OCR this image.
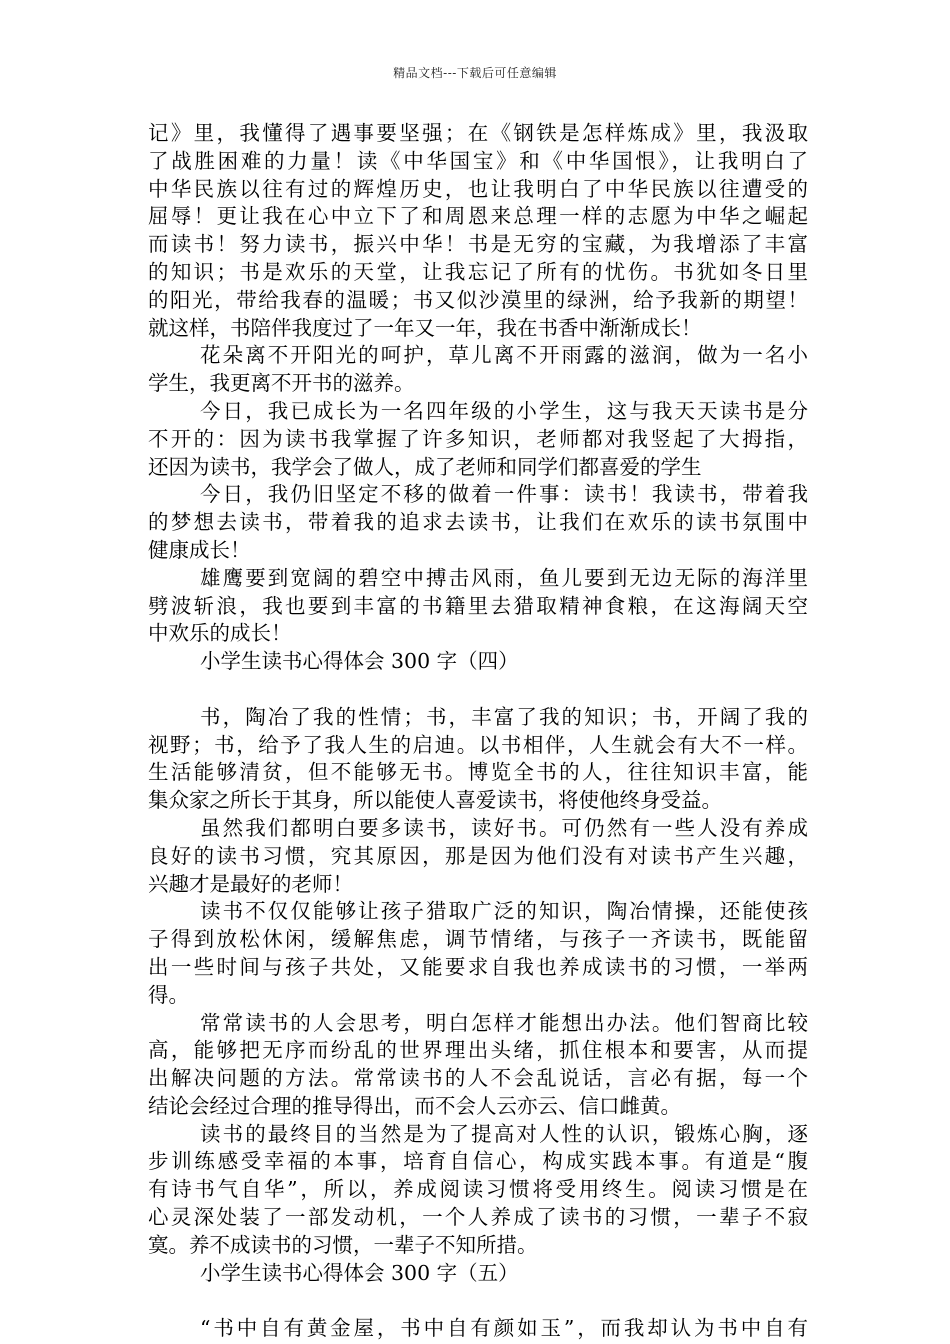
精品文档---下载后可任意编辑
记》里，我懂得了遇事要坚强；在《钢铁是怎样炼成》里，我汲取
了战胜困难的力量！读《中华国宝》和《中华国恨》，让我明白了
中华民族以往有过的辉煌历史，也让我明白了中华民族以往遭受的
屈辱！更让我在心中立下了和周恩来总理一样的志愿为中华之崛起
而读书！努力读书，振兴中华！书是无穷的宝藏，为我增添了丰富
的知识；书是欢乐的天堂，让我忘记了所有的忧伤。书犹如冬日里
的阳光，带给我春的温暖；书又似沙漠里的绿洲，给予我新的期望！
就这样，书陪伴我度过了一年又一年，我在书香中渐渐成长！
花朵离不开阳光的呵护，草儿离不开雨露的滋润，做为一名小
学生，我更离不开书的滋养。
今日，我已成长为一名四年级的小学生，这与我天天读书是分
不开的：因为读书我掌握了许多知识，老师都对我竖起了大拇指，
还因为读书，我学会了做人，成了老师和同学们都喜爱的学生
今日，我仍旧坚定不移的做着一件事：读书！我读书，带着我
的梦想去读书，带着我的追求去读书，让我们在欢乐的读书氛围中
健康成长！
雄鹰要到宽阔的碧空中搏击风雨，鱼儿要到无边无际的海洋里
劈波斩浪，我也要到丰富的书籍里去猎取精神食粮，在这海阔天空
中欢乐的成长！
小学生读书心得体会 300 字（四）
书，陶冶了我的性情；书，丰富了我的知识；书，开阔了我的
视野；书，给予了我人生的启迪。以书相伴，人生就会有大不一样。
生活能够清贫，但不能够无书。博览全书的人，往往知识丰富，能
集众家之所长于其身，所以能使人喜爱读书，将使他终身受益。
虽然我们都明白要多读书，读好书。可仍然有一些人没有养成
良好的读书习惯，究其原因，那是因为他们没有对读书产生兴趣，
兴趣才是最好的老师！
读书不仅仅能够让孩子猎取广泛的知识，陶冶情操，还能使孩
子得到放松休闲，缓解焦虑，调节情绪，与孩子一齐读书，既能留
出一些时间与孩子共处，又能要求自我也养成读书的习惯，一举两
得。
常常读书的人会思考，明白怎样才能想出办法。他们智商比较
高，能够把无序而纷乱的世界理出头绪，抓住根本和要害，从而提
出解决问题的方法。常常读书的人不会乱说话，言必有据，每一个
结论会经过合理的推导得出，而不会人云亦云、信口雌黄。
读书的最终目的当然是为了提高对人性的认识，锻炼心胸，逐
步训练感受幸福的本事，培育自信心，构成实践本事。有道是“腹
有诗书气自华”，所以，养成阅读习惯将受用终生。阅读习惯是在
心灵深处装了一部发动机，一个人养成了读书的习惯，一辈子不寂
寞。养不成读书的习惯，一辈子不知所措。
小学生读书心得体会 300 字（五）
“书中自有黄金屋，书中自有颜如玉”，而我却认为书中自有
